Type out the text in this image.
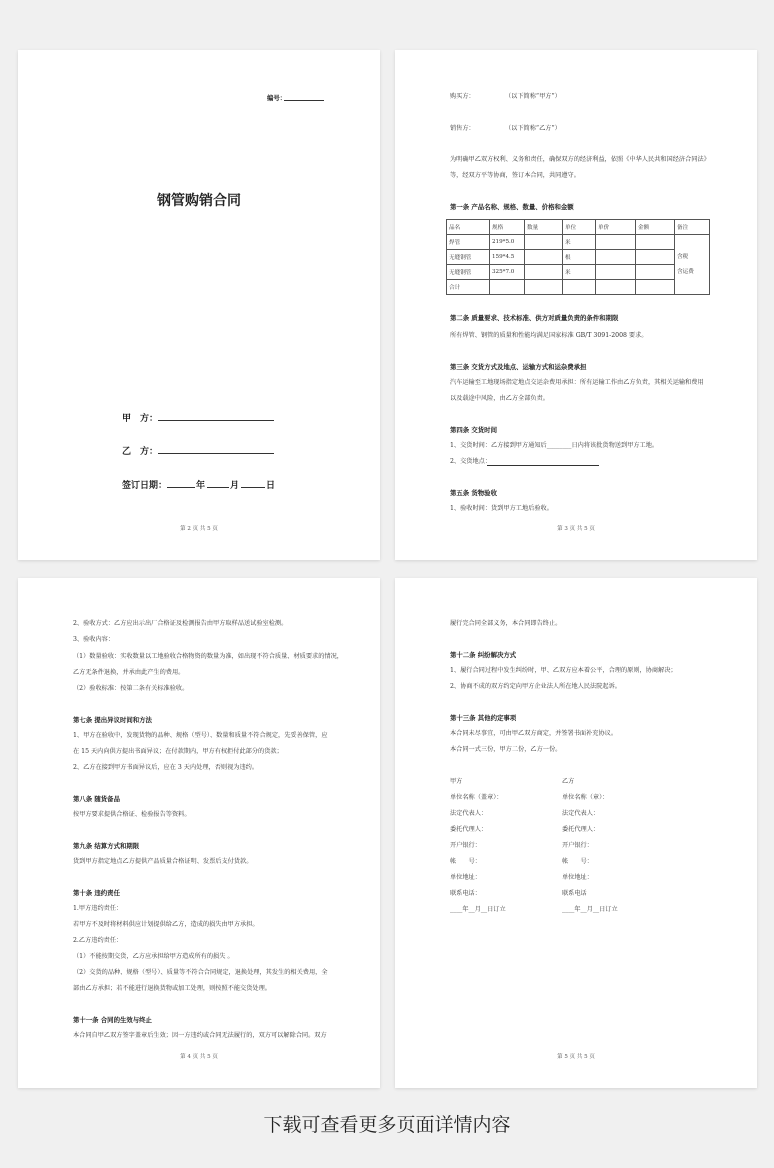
编号：
钢管购销合同
甲　方：
乙　方：
签订日期：	年	月	日
第 2 页 共 5 页
购买方：	（以下简称“甲方”）
销售方：	（以下简称“乙方”）
为明确甲乙双方权利、义务和责任，确保双方的经济利益，依照《中华人民共和国经济合同法》
等，经双方平等协商，签订本合同，共同遵守。
第一条 产品名称、规格、数量、价格和金额
品名	规格	数量	单位	单价	金额	备注
焊管	219*5.0		米			含税
含运费
无缝钢管	159*4.5		根			
无缝钢管	325*7.0		米			
合计						
第二条 质量要求、技术标准、供方对质量负责的条件和期限
所有焊管、钢管的质量和性能均满足国家标准 GB/T 3091-2008 要求。
第三条 交货方式及地点、运输方式和运杂费承担
汽车运输至工地现场指定地点交运杂费用承担：所有运输工作由乙方负责，其相关运输和费用
以及载途中风险，由乙方全部负责。
第四条 交货时间
1、交货时间：乙方接到甲方通知后________日内将该批货物送到甲方工地。
2、交货地点：
第五条 货物验收
1、验收时间：货到甲方工地后验收。
第 3 页 共 5 页
2、验收方式：乙方应出示出厂合格证及检测报告由甲方取样品送试验室检测。
3、验收内容：
（1）数量验收：实收数量以工地验收合格物资的数量为准，如出现不符合质量、材质要求的情况，
乙方无条件退换，并承由此产生的费用。
（2）验收标准：按第二条有关标准验收。
第七条 提出异议时间和方法
1、甲方在验收中，发现货物的品种、规格（型号）、数量和质量不符合规定，先妥善保管，应
在 15 天内向供方提出书面异议；在付款期内，甲方有权拒付此部分的货款；
2、乙方在接到甲方书面异议后，应在 3 天内处理，否则视为违约。
第八条 随货备品
按甲方要求提供合格证、检验报告等资料。
第九条 结算方式和期限
货到甲方指定地点乙方提供产品质量合格证明、发票后支付货款。
第十条 违约责任
1.甲方违约责任：
若甲方不及时将材料供应计划提供给乙方，造成的损失由甲方承担。
2.乙方违约责任：
（1）不能按期交货，乙方应承担给甲方造成所有的损失 。
（2）交货的品种、规格（型号）、质量等不符合合同规定，退换处理，其发生的相关费用，全
部由乙方承担；若不能进行退换货物或加工处理，则按照不能交货处理。
第十一条 合同的生效与终止
本合同自甲乙双方签字盖章后生效；因一方违约或合同无法履行的，双方可以解除合同。双方
第 4 页 共 5 页
履行完合同全部义务，本合同即告终止。
第十二条 纠纷解决方式
1、履行合同过程中发生纠纷时，甲、乙双方应本着公平，合理的原则，协商解决；
2、协商不成的双方约定向甲方企业法人所在地人民法院起诉。
第十三条 其他约定事项
本合同未尽事宜，可由甲乙双方商定，并签署书面补充协议。
本合同一式三份，甲方二份，乙方一份。
甲方
单位名称（盖章）：
法定代表人：
委托代理人：
开户银行：
帐　　号：
单位地址：
联系电话：
____年__月__日订立
乙方
单位名称（章）：
法定代表人：
委托代理人：
开户银行：
帐　　号：
单位地址：
联系电话
____年__月__日订立
第 5 页 共 5 页
下载可查看更多页面详情内容
